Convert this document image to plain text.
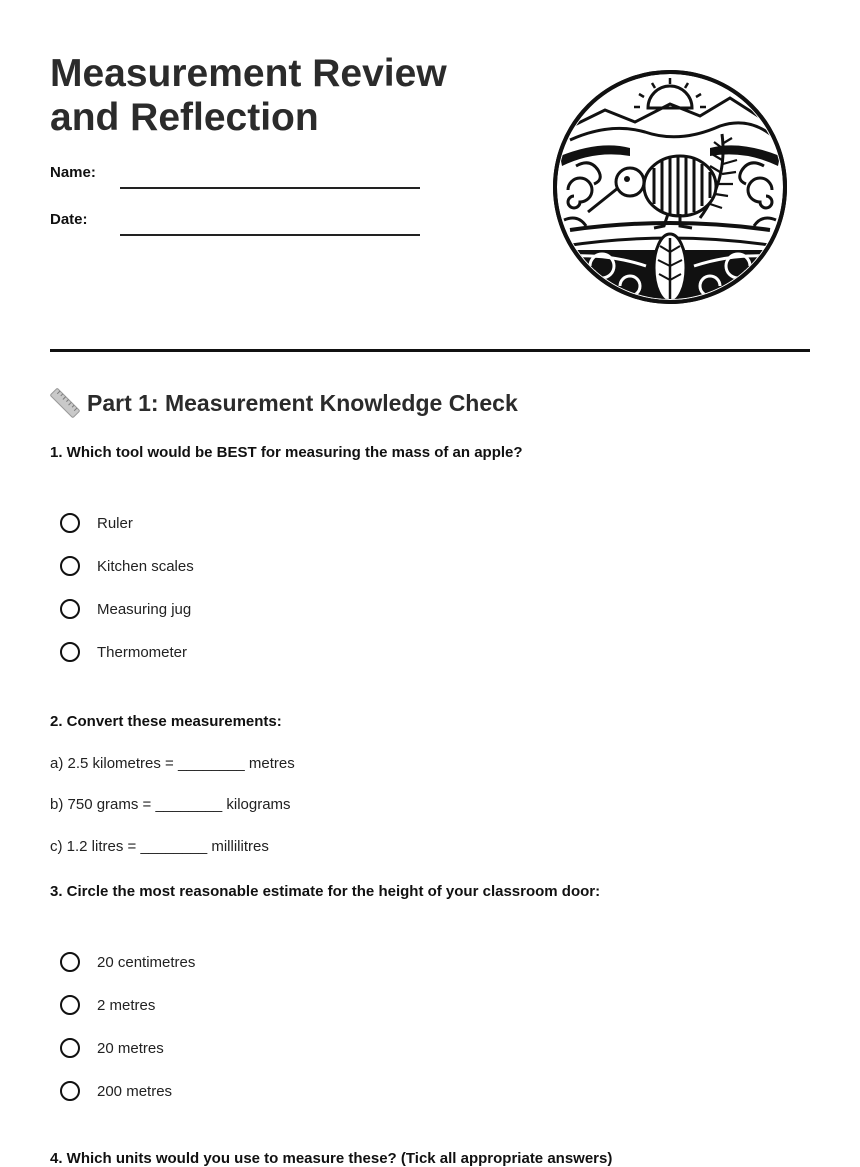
Measurement Review
and Reflection
Name:
Date:
Part 1: Measurement Knowledge Check

1. Which tool would be BEST for measuring the mass of an apple?

Ruler
Kitchen scales
Measuring jug
Thermometer

2. Convert these measurements:

a) 2.5 kilometres = ________ metres
b) 750 grams = ________ kilograms
c) 1.2 litres = ________ millilitres

3. Circle the most reasonable estimate for the height of your classroom door:

20 centimetres
2 metres
20 metres
200 metres

4. Which units would you use to measure these? (Tick all appropriate answers)
